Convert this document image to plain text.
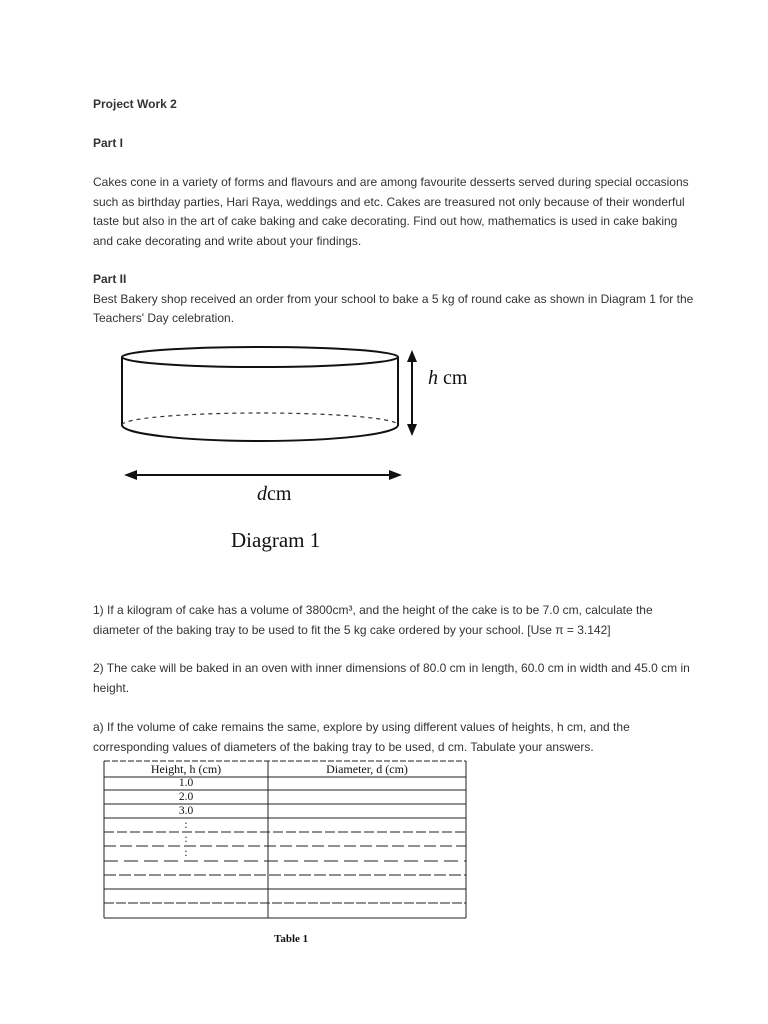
Project Work 2
Part I
Cakes cone in a variety of forms and flavours and are among favourite desserts served during special occasions
such as birthday parties, Hari Raya, weddings and etc. Cakes are treasured not only because of their wonderful
taste but also in the art of cake baking and cake decorating. Find out how, mathematics is used in cake baking
and cake decorating and write about your findings.
Part II
Best Bakery shop received an order from your school to bake a 5 kg of round cake as shown in Diagram 1 for the
Teachers' Day celebration.
h cm
dcm
Diagram 1
1) If a kilogram of cake has a volume of 3800cm³, and the height of the cake is to be 7.0 cm, calculate the
diameter of the baking tray to be used to fit the 5 kg cake ordered by your school. [Use π = 3.142]
2) The cake will be baked in an oven with inner dimensions of 80.0 cm in length, 60.0 cm in width and 45.0 cm in
height.
a) If the volume of cake remains the same, explore by using different values of heights, h cm, and the
corresponding values of diameters of the baking tray to be used, d cm. Tabulate your answers.
Height, h (cm)	Diameter, d (cm)
1.0
2.0
3.0
:
:
:
Table 1
